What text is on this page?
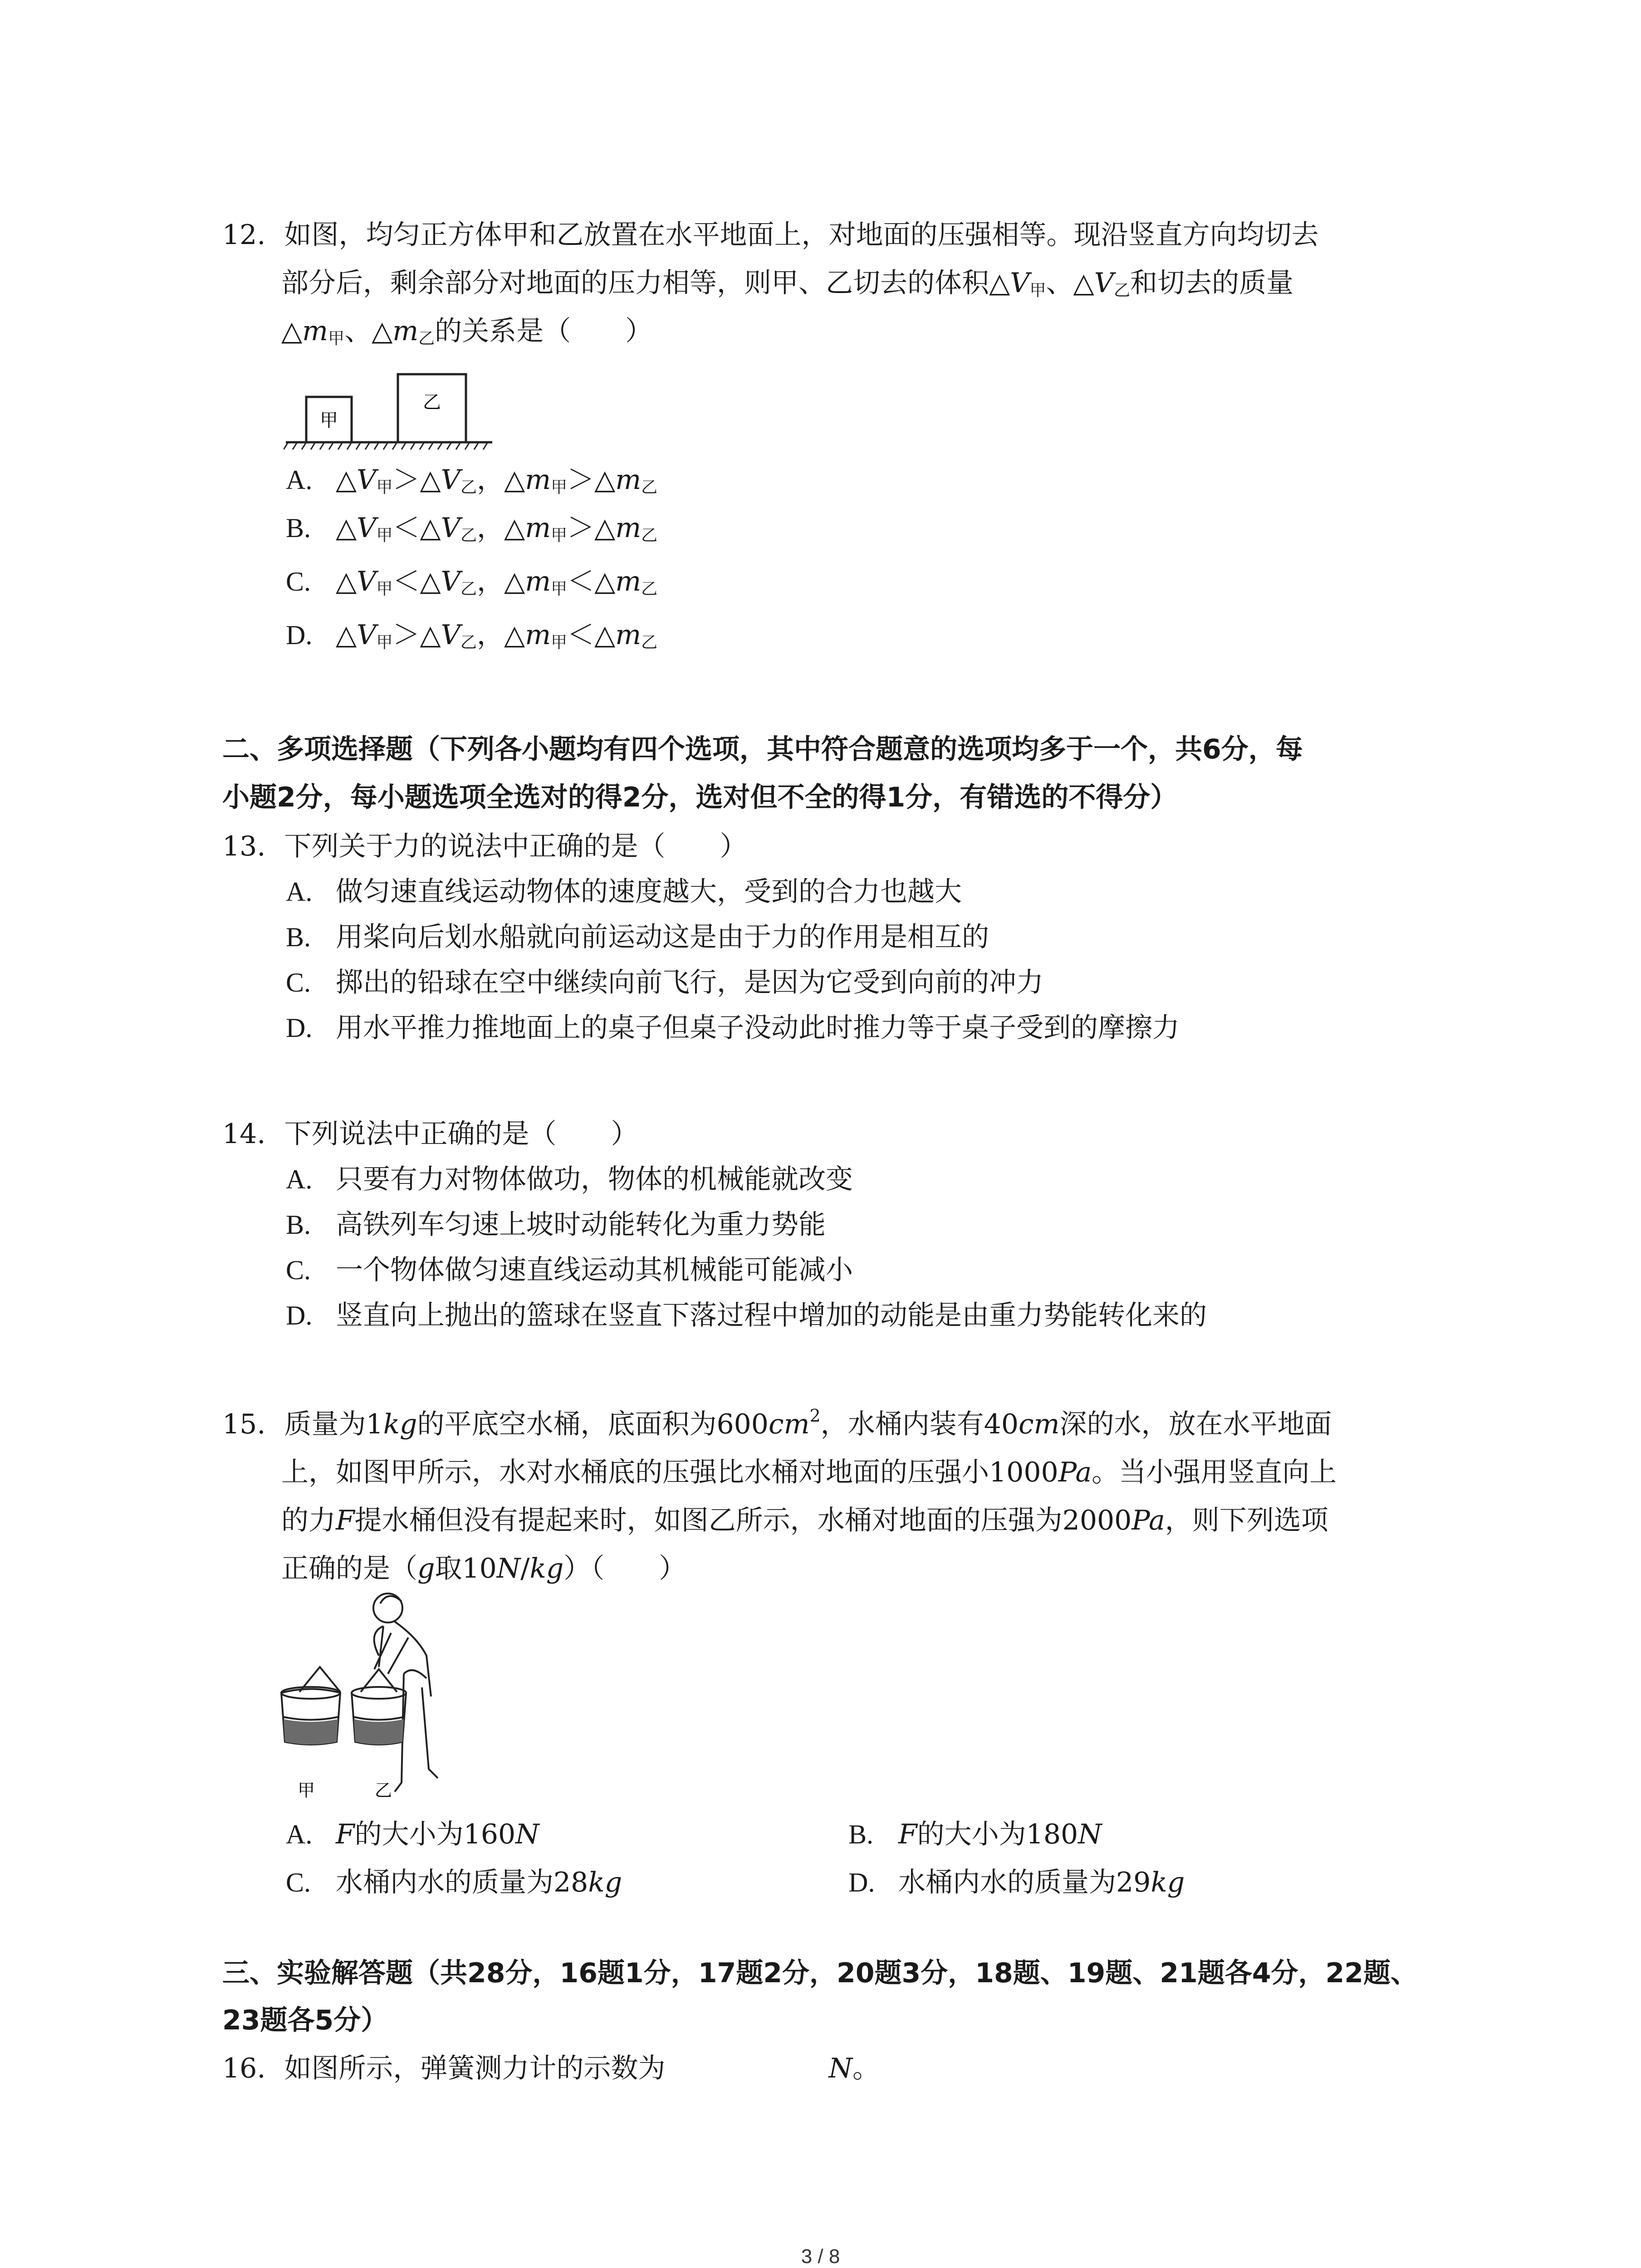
12. 如图，均匀正方体甲和乙放置在水平地面上，对地面的压强相等。现沿竖直方向均切去
部分后，剩余部分对地面的压力相等，则甲、乙切去的体积$\triangle V_甲$、$\triangle V_乙$和切去的质量
$\triangle m_甲$、$\triangle m_乙$的关系是（　　）
甲
乙
A. $\triangle V_甲>\triangle V_乙$，$\triangle m_甲>\triangle m_乙$
B. $\triangle V_甲<\triangle V_乙$，$\triangle m_甲>\triangle m_乙$
C. $\triangle V_甲<\triangle V_乙$，$\triangle m_甲<\triangle m_乙$
D. $\triangle V_甲>\triangle V_乙$，$\triangle m_甲<\triangle m_乙$
二、多项选择题（下列各小题均有四个选项，其中符合题意的选项均多于一个，共6分，每
小题2分，每小题选项全选对的得2分，选对但不全的得1分，有错选的不得分）
13. 下列关于力的说法中正确的是（　　）
A. 做匀速直线运动物体的速度越大，受到的合力也越大
B. 用桨向后划水船就向前运动这是由于力的作用是相互的
C. 掷出的铅球在空中继续向前飞行，是因为它受到向前的冲力
D. 用水平推力推地面上的桌子但桌子没动此时推力等于桌子受到的摩擦力
14. 下列说法中正确的是（　　）
A. 只要有力对物体做功，物体的机械能就改变
B. 高铁列车匀速上坡时动能转化为重力势能
C. 一个物体做匀速直线运动其机械能可能减小
D. 竖直向上抛出的篮球在竖直下落过程中增加的动能是由重力势能转化来的
15. 质量为1kg的平底空水桶，底面积为$600cm^2$，水桶内装有40cm深的水，放在水平地面
上，如图甲所示，水对水桶底的压强比水桶对地面的压强小1000Pa。当小强用竖直向上
的力F提水桶但没有提起来时，如图乙所示，水桶对地面的压强为2000Pa，则下列选项
正确的是（g取10N/kg）（　　）
甲	乙
A. F的大小为160N	B. F的大小为180N
C. 水桶内水的质量为28kg	D. 水桶内水的质量为29kg
三、实验解答题（共28分，16题1分，17题2分，20题3分，18题、19题、21题各4分，22题、
23题各5分）
16. 如图所示，弹簧测力计的示数为	N。
3 / 8
